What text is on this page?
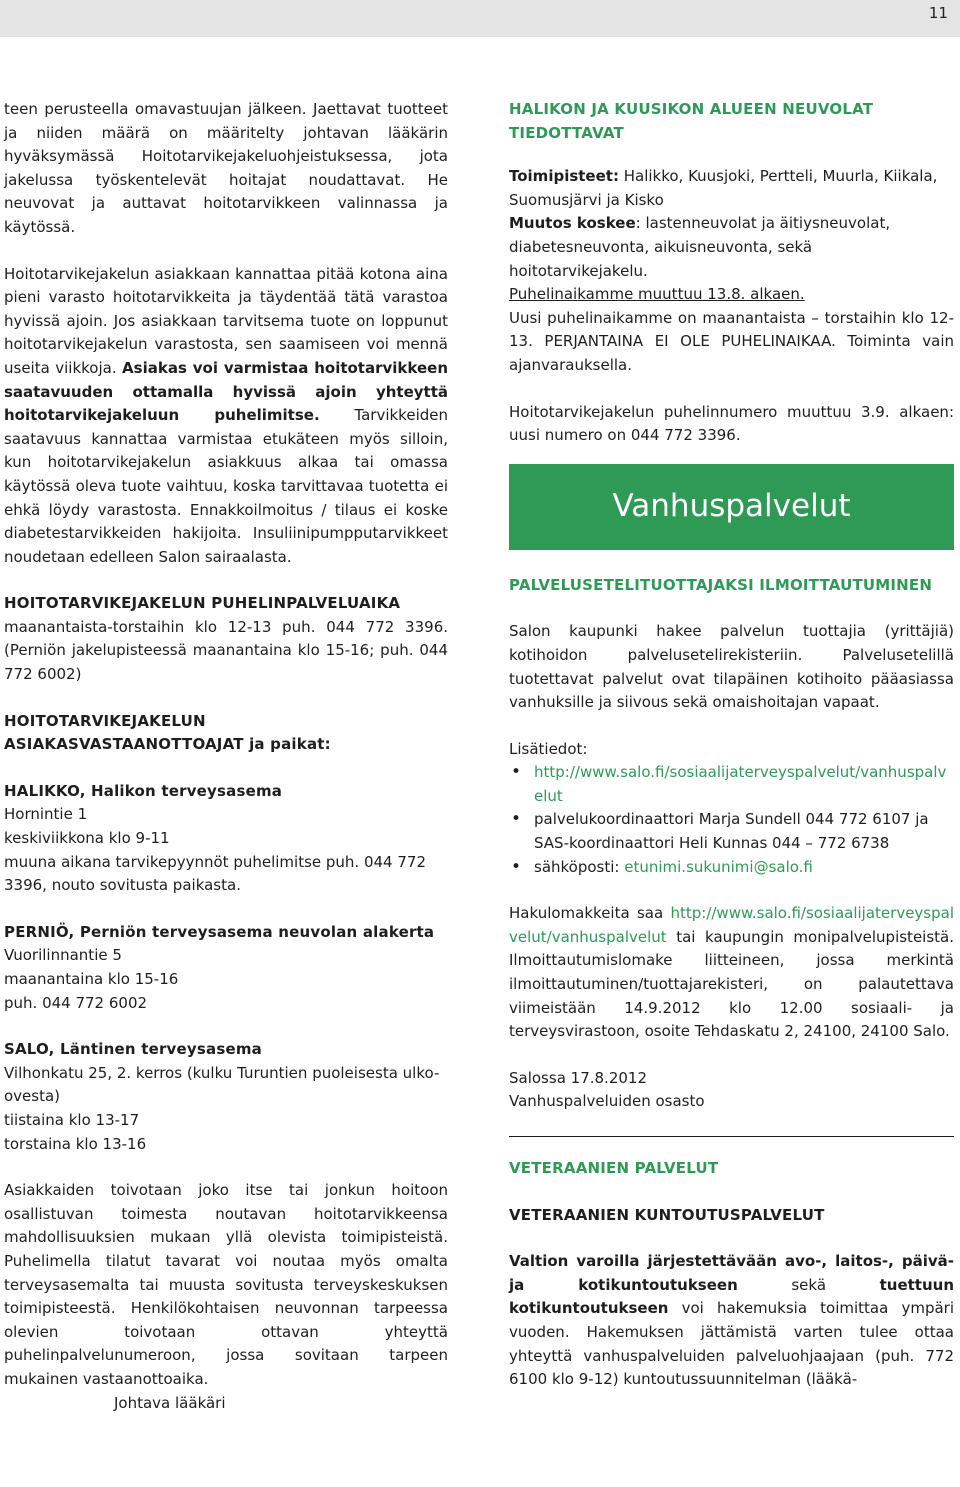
11

teen perusteella omavastuujan jälkeen. Jaettavat tuotteet ja niiden määrä on määritelty johtavan lääkärin hyväksymässä Hoitotarvikejakeluohjeistuksessa, jota jakelussa työskentelevät hoitajat noudattavat. He neuvovat ja auttavat hoitotarvikkeen valinnassa ja käytössä.

Hoitotarvikejakelun asiakkaan kannattaa pitää kotona aina pieni varasto hoitotarvikkeita ja täydentää tätä varastoa hyvissä ajoin. Jos asiakkaan tarvitsema tuote on loppunut hoitotarvikejakelun varastosta, sen saamiseen voi mennä useita viikkoja. Asiakas voi varmistaa hoitotarvikkeen saatavuuden ottamalla hyvissä ajoin yhteyttä hoitotarvikejakeluun puhelimitse. Tarvikkeiden saatavuus kannattaa varmistaa etukäteen myös silloin, kun hoitotarvikejakelun asiakkuus alkaa tai omassa käytössä oleva tuote vaihtuu, koska tarvittavaa tuotetta ei ehkä löydy varastosta. Ennakkoilmoitus / tilaus ei koske diabetestarvikkeiden hakijoita. Insuliinipumpputarvikkeet noudetaan edelleen Salon sairaalasta.

HOITOTARVIKEJAKELUN PUHELINPALVELUAIKA

maanantaista-torstaihin klo 12-13 puh. 044 772 3396. (Perniön jakelupisteessä maanantaina klo 15-16; puh. 044 772 6002)

HOITOTARVIKEJAKELUN ASIAKASVASTAANOTTOAJAT ja paikat:
HALIKKO, Halikon terveysasema

Hornintie 1

keskiviikkona klo 9-11

muuna aikana tarvikepyynnöt puhelimitse puh. 044 772 3396, nouto sovitusta paikasta.

PERNIÖ, Perniön terveysasema neuvolan alakerta

Vuorilinnantie 5

maanantaina klo 15-16

puh. 044 772 6002

SALO, Läntinen terveysasema

Vilhonkatu 25, 2. kerros (kulku Turuntien puoleisesta ulko-ovesta)

tiistaina klo 13-17

torstaina klo 13-16

Asiakkaiden toivotaan joko itse tai jonkun hoitoon osallistuvan toimesta noutavan hoitotarvikkeensa mahdollisuuksien mukaan yllä olevista toimipisteistä. Puhelimella tilatut tavarat voi noutaa myös omalta terveysasemalta tai muusta sovitusta terveyskeskuksen toimipisteestä. Henkilökohtaisen neuvonnan tarpeessa olevien toivotaan ottavan yhteyttä puhelinpalvelunumeroon, jossa sovitaan tarpeen mukainen vastaanottoaika.

Johtava lääkäri

HALIKON JA KUUSIKON ALUEEN NEUVOLAT TIEDOTTAVAT

Toimipisteet: Halikko, Kuusjoki, Pertteli, Muurla, Kiikala, Suomusjärvi ja Kisko

Muutos koskee: lastenneuvolat ja äitiysneuvolat, diabetesneuvonta, aikuisneuvonta, sekä hoitotarvikejakelu.

Puhelinaikamme muuttuu 13.8. alkaen.

Uusi puhelinaikamme on maanantaista – torstaihin klo 12-13. PERJANTAINA EI OLE PUHELINAIKAA. Toiminta vain ajanvarauksella.

Hoitotarvikejakelun puhelinnumero muuttuu 3.9. alkaen: uusi numero on 044 772 3396.

Vanhuspalvelut
PALVELUSETELITUOTTAJAKSI ILMOITTAUTUMINEN

Salon kaupunki hakee palvelun tuottajia (yrittäjiä) kotihoidon palvelusetelirekisteriin. Palvelusetelillä tuotettavat palvelut ovat tilapäinen kotihoito pääasiassa vanhuksille ja siivous sekä omaishoitajan vapaat.

Lisätiedot:

• http://www.salo.fi/sosiaalijaterveyspalvelut/vanhuspalvelut
• palvelukoordinaattori Marja Sundell 044 772 6107 ja SAS-koordinaattori Heli Kunnas 044 – 772 6738
• sähköposti: etunimi.sukunimi@salo.fi

Hakulomakkeita saa http://www.salo.fi/sosiaalijaterveyspalvelut/vanhuspalvelut tai kaupungin monipalvelupisteistä. Ilmoittautumislomake liitteineen, jossa merkintä ilmoittautuminen/tuottajarekisteri, on palautettava viimeistään 14.9.2012 klo 12.00 sosiaali- ja terveysvirastoon, osoite Tehdaskatu 2, 24100, 24100 Salo.

Salossa 17.8.2012

Vanhuspalveluiden osasto

VETERAANIEN PALVELUT
VETERAANIEN KUNTOUTUSPALVELUT

Valtion varoilla järjestettävään avo-, laitos-, päivä- ja kotikuntoutukseen sekä tuettuun kotikuntoutukseen voi hakemuksia toimittaa ympäri vuoden. Hakemuksen jättämistä varten tulee ottaa yhteyttä vanhuspalveluiden palveluohjaajaan (puh. 772 6100 klo 9-12) kuntoutussuunnitelman (lääkä-
